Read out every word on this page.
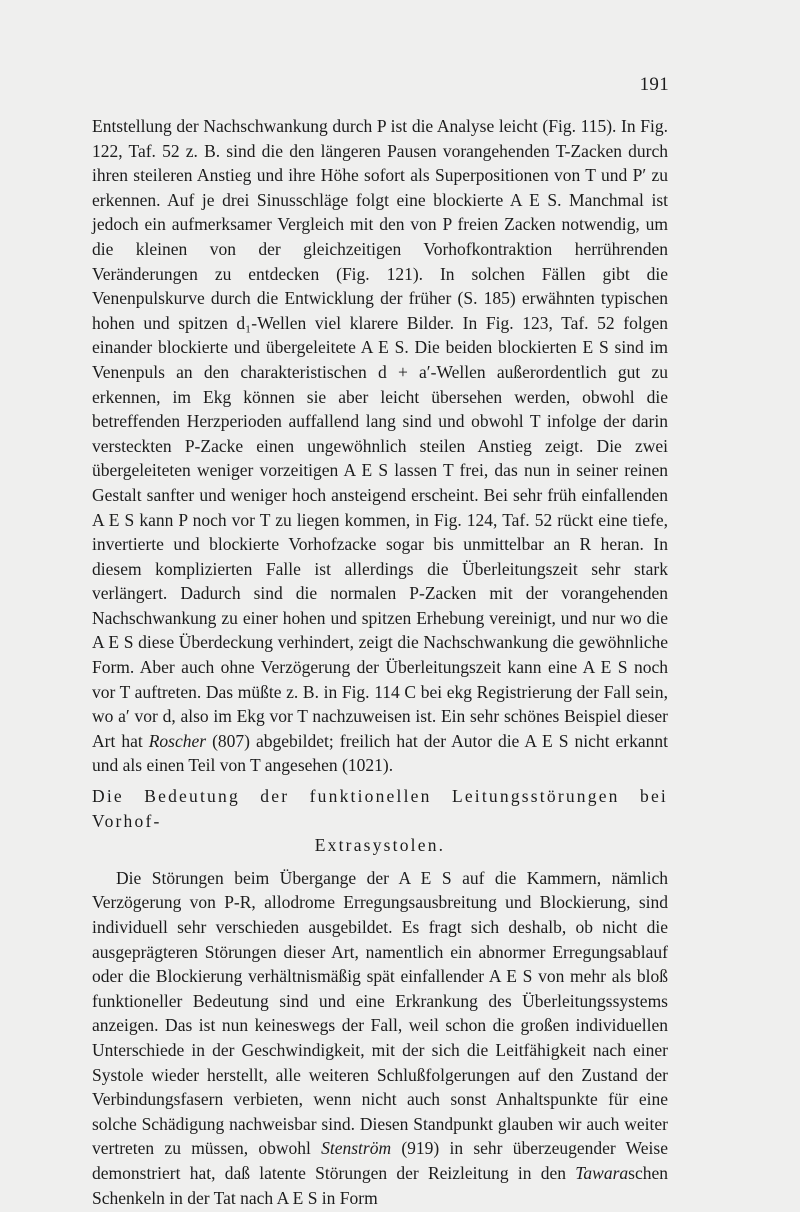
191

Entstellung der Nachschwankung durch P ist die Analyse leicht (Fig. 115). In Fig. 122, Taf. 52 z. B. sind die den längeren Pausen vorangehenden T-Zacken durch ihren steileren Anstieg und ihre Höhe sofort als Superpositionen von T und P′ zu erkennen. Auf je drei Sinusschläge folgt eine blockierte A E S. Manchmal ist jedoch ein aufmerksamer Vergleich mit den von P freien Zacken notwendig, um die kleinen von der gleichzeitigen Vorhofkontraktion herrührenden Veränderungen zu entdecken (Fig. 121). In solchen Fällen gibt die Venenpulskurve durch die Entwicklung der früher (S. 185) erwähnten typischen hohen und spitzen d₁-Wellen viel klarere Bilder. In Fig. 123, Taf. 52 folgen einander blockierte und übergeleitete A E S. Die beiden blockierten E S sind im Venenpuls an den charakteristischen d + a′-Wellen außerordentlich gut zu erkennen, im Ekg können sie aber leicht übersehen werden, obwohl die betreffenden Herzperioden auffallend lang sind und obwohl T infolge der darin versteckten P-Zacke einen ungewöhnlich steilen Anstieg zeigt. Die zwei übergeleiteten weniger vorzeitigen A E S lassen T frei, das nun in seiner reinen Gestalt sanfter und weniger hoch ansteigend erscheint. Bei sehr früh einfallenden A E S kann P noch vor T zu liegen kommen, in Fig. 124, Taf. 52 rückt eine tiefe, invertierte und blockierte Vorhofzacke sogar bis unmittelbar an R heran. In diesem komplizierten Falle ist allerdings die Überleitungszeit sehr stark verlängert. Dadurch sind die normalen P-Zacken mit der vorangehenden Nachschwankung zu einer hohen und spitzen Erhebung vereinigt, und nur wo die A E S diese Überdeckung verhindert, zeigt die Nachschwankung die gewöhnliche Form. Aber auch ohne Verzögerung der Überleitungszeit kann eine A E S noch vor T auftreten. Das müßte z. B. in Fig. 114 C bei ekg Registrierung der Fall sein, wo a′ vor d, also im Ekg vor T nachzuweisen ist. Ein sehr schönes Beispiel dieser Art hat Roscher (807) abgebildet; freilich hat der Autor die A E S nicht erkannt und als einen Teil von T angesehen (1021).

Die Bedeutung der funktionellen Leitungsstörungen bei Vorhof-
Extrasystolen.

Die Störungen beim Übergange der A E S auf die Kammern, nämlich Verzögerung von P-R, allodrome Erregungsausbreitung und Blockierung, sind individuell sehr verschieden ausgebildet. Es fragt sich deshalb, ob nicht die ausgeprägteren Störungen dieser Art, namentlich ein abnormer Erregungsablauf oder die Blockierung verhältnismäßig spät einfallender A E S von mehr als bloß funktioneller Bedeutung sind und eine Erkrankung des Überleitungssystems anzeigen. Das ist nun keineswegs der Fall, weil schon die großen individuellen Unterschiede in der Geschwindigkeit, mit der sich die Leitfähigkeit nach einer Systole wieder herstellt, alle weiteren Schlußfolgerungen auf den Zustand der Verbindungsfasern verbieten, wenn nicht auch sonst Anhaltspunkte für eine solche Schädigung nachweisbar sind. Diesen Standpunkt glauben wir auch weiter vertreten zu müssen, obwohl Stenström (919) in sehr überzeugender Weise demonstriert hat, daß latente Störungen der Reizleitung in den Tawaraschen Schenkeln in der Tat nach A E S in Form
